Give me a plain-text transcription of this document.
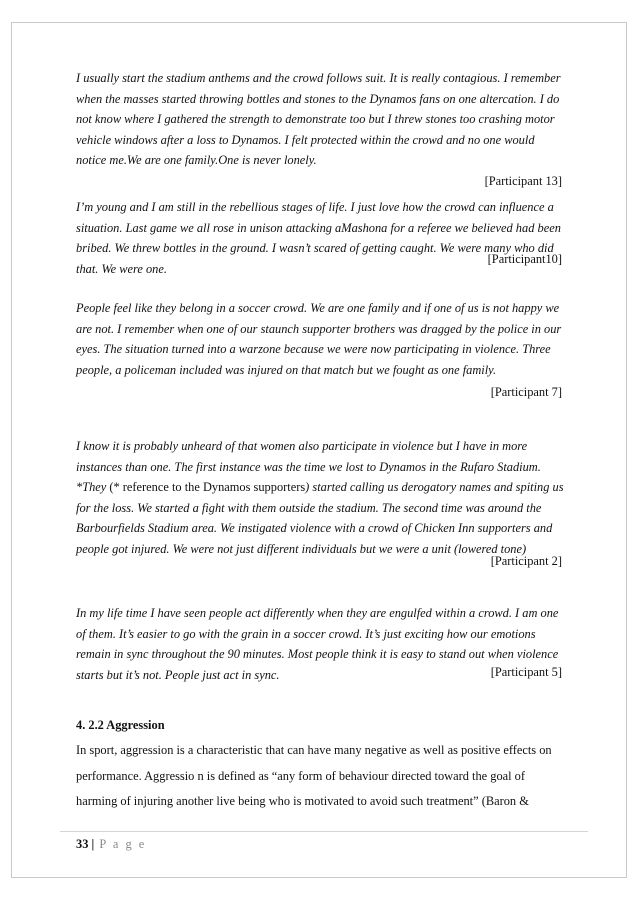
I usually start the stadium anthems and the crowd follows suit. It is really contagious. I remember
when the masses started throwing bottles and stones to the Dynamos fans on one altercation. I do
not know where I gathered the strength to demonstrate too but I threw stones too crashing motor
vehicle windows after a loss to Dynamos. I felt protected within the crowd and no one would
notice me.We are one family.One is never lonely.
[Participant 13]
I’m young and I am still in the rebellious stages of life. I just love how the crowd can influence a
situation. Last game we all rose in unison attacking aMashona for a referee we believed had been
bribed. We threw bottles in the ground. I wasn’t scared of getting caught. We were many who did
that. We were one.
[Participant10]
People feel like they belong in a soccer crowd. We are one family and if one of us is not happy we
are not. I remember when one of our staunch supporter brothers was dragged by the police in our
eyes. The situation turned into a warzone because we were now participating in violence. Three
people, a policeman included was injured on that match but we fought as one family.
[Participant 7]
I know it is probably unheard of that women also participate in violence but I have in more
instances than one. The first instance was the time we lost to Dynamos in the Rufaro Stadium.
*They (* reference to the Dynamos supporters) started calling us derogatory names and spiting us
for the loss. We started a fight with them outside the stadium. The second time was around the
Barbourfields Stadium area. We instigated violence with a crowd of Chicken Inn supporters and
people got injured. We were not just different individuals but we were a unit (lowered tone)
[Participant 2]
In my life time I have seen people act differently when they are engulfed within a crowd. I am one
of them. It’s easier to go with the grain in a soccer crowd. It’s just exciting how our emotions
remain in sync throughout the 90 minutes. Most people think it is easy to stand out when violence
starts but it’s not. People just act in sync.	[Participant 5]
4. 2.2 Aggression
In sport, aggression is a characteristic that can have many negative as well as positive effects on
performance. Aggressio n is defined as “any form of behaviour directed toward the goal of
harming of injuring another live being who is motivated to avoid such treatment” (Baron &
33 | P a g e
